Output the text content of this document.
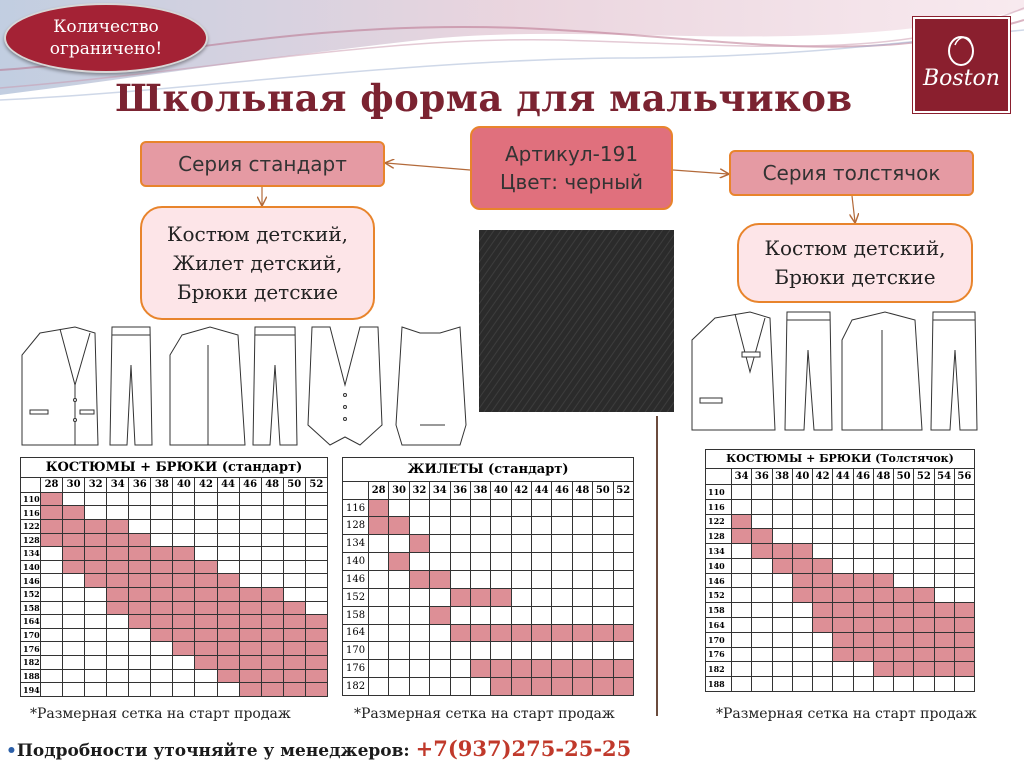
Количество
ограничено!
Boston
Школьная форма для мальчиков
Серия стандарт	Артикул-191
Цвет: черный	Серия толстячок
Костюм детский,
Жилет детский,
Брюки детские
Костюм детский,
Брюки детские
КОСТЮМЫ + БРЮКИ (стандарт)													
	28	30	32	34	36	38	40	42	44	46	48	50	52
110													
116													
122													
128													
134													
140													
146													
152													
158													
164													
170													
176													
182													
188													
194													
ЖИЛЕТЫ (стандарт)													
	28	30	32	34	36	38	40	42	44	46	48	50	52
116													
128													
134													
140													
146													
152													
158													
164													
170													
176													
182													
КОСТЮМЫ + БРЮКИ (Толстячок)												
	34	36	38	40	42	44	46	48	50	52	54	56
110												
116												
122												
128												
134												
140												
146												
152												
158												
164												
170												
176												
182												
188												
*Размерная сетка на старт продаж	*Размерная сетка на старт продаж	*Размерная сетка на старт продаж
•Подробности уточняйте у менеджеров: +7(937)275-25-25
